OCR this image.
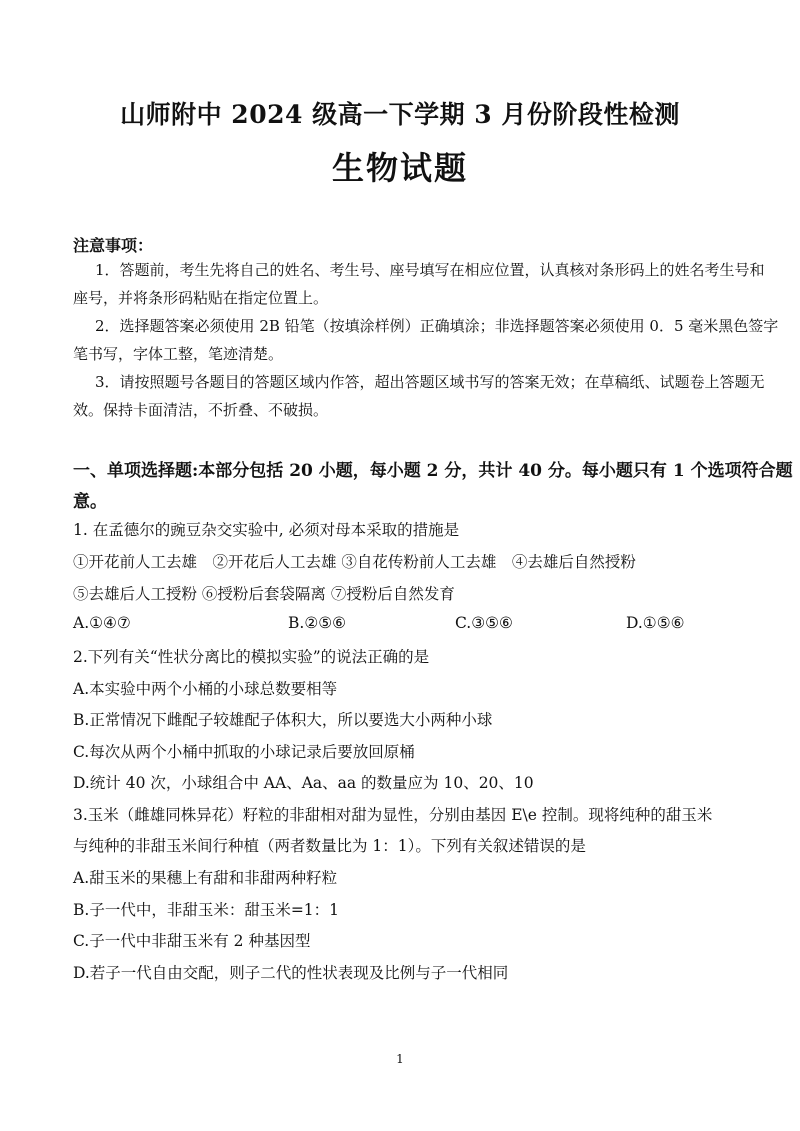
山师附中 2024 级高一下学期 3 月份阶段性检测
生物试题
注意事项：
1．答题前，考生先将自己的姓名、考生号、座号填写在相应位置，认真核对条形码上的姓名考生号和
座号，并将条形码粘贴在指定位置上。
2．选择题答案必须使用 2B 铅笔（按填涂样例）正确填涂；非选择题答案必须使用 0．5 毫米黑色签字
笔书写，字体工整，笔迹清楚。
3．请按照题号各题目的答题区域内作答，超出答题区域书写的答案无效；在草稿纸、试题卷上答题无
效。保持卡面清洁，不折叠、不破损。
一、单项选择题:本部分包括 20 小题，每小题 2 分，共计 40 分。每小题只有 1 个选项符合题
意。
1. 在孟德尔的豌豆杂交实验中, 必须对母本采取的措施是
①开花前人工去雄　②开花后人工去雄 ③自花传粉前人工去雄　④去雄后自然授粉
⑤去雄后人工授粉 ⑥授粉后套袋隔离 ⑦授粉后自然发育
A.①④⑦	B.②⑤⑥	C.③⑤⑥	D.①⑤⑥
2.下列有关“性状分离比的模拟实验”的说法正确的是
A.本实验中两个小桶的小球总数要相等
B.正常情况下雌配子较雄配子体积大，所以要选大小两种小球
C.每次从两个小桶中抓取的小球记录后要放回原桶
D.统计 40 次，小球组合中 AA、Aa、aa 的数量应为 10、20、10
3.玉米（雌雄同株异花）籽粒的非甜相对甜为显性，分别由基因 E\e 控制。现将纯种的甜玉米
与纯种的非甜玉米间行种植（两者数量比为 1：1）。下列有关叙述错误的是
A.甜玉米的果穗上有甜和非甜两种籽粒
B.子一代中，非甜玉米：甜玉米=1：1
C.子一代中非甜玉米有 2 种基因型
D.若子一代自由交配，则子二代的性状表现及比例与子一代相同
1
